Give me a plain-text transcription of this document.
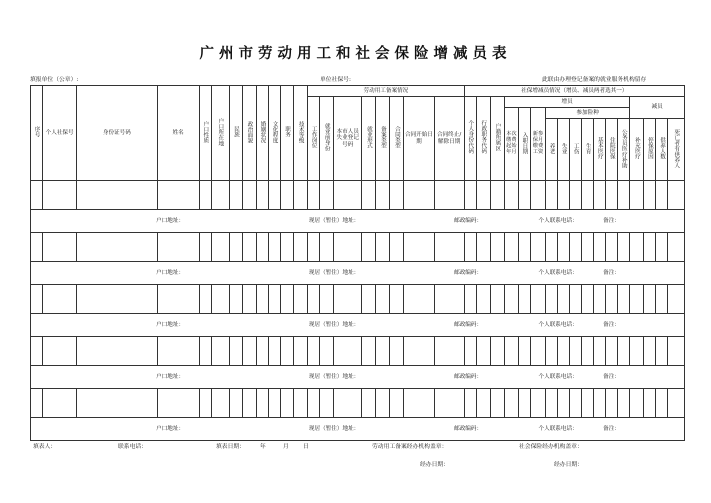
广州市劳动用工和社会保险增减员表
填报单位（公章）:	单位社保号:	此联由办理登记备案的就业服务机构留存
序号	个人社保号	身份证号码	姓名	户口性质	户口所在地	民族	政治面貌	婚姻状况	文化程度	职务	技术等级	劳动用工备案情况								社保增减员情况（增员、减员两者选其一）																
												工作岗位	就业前身份	本市人员失业登记号码	就业形式	备案类型	合同类型	合同开始日期	合同终止/解除日期	个人身份代码	行政职务代码	户籍所属区	增员										减员			
																							本次缴费起始年月	入职日期	新参保月缴费工资	参加险种										
																										养老	失业	工伤	生育	基本医疗	住院医保	公务员医疗补助	补充医疗	停保原因	供养人数	死亡者有供养人

户口地址： 现居（暂住）地址： 邮政编码： 个人联系电话： 备注：																																				

户口地址： 现居（暂住）地址： 邮政编码： 个人联系电话： 备注：																																				

户口地址： 现居（暂住）地址： 邮政编码： 个人联系电话： 备注：																																				

户口地址： 现居（暂住）地址： 邮政编码： 个人联系电话： 备注：																																				

户口地址： 现居（暂住）地址： 邮政编码： 个人联系电话： 备注：																																				
填表人：	联系电话：	填表日期：	年	月 日	劳动用工备案经办机构盖章：	社会保险经办机构盖章：
经办日期：	经办日期：
